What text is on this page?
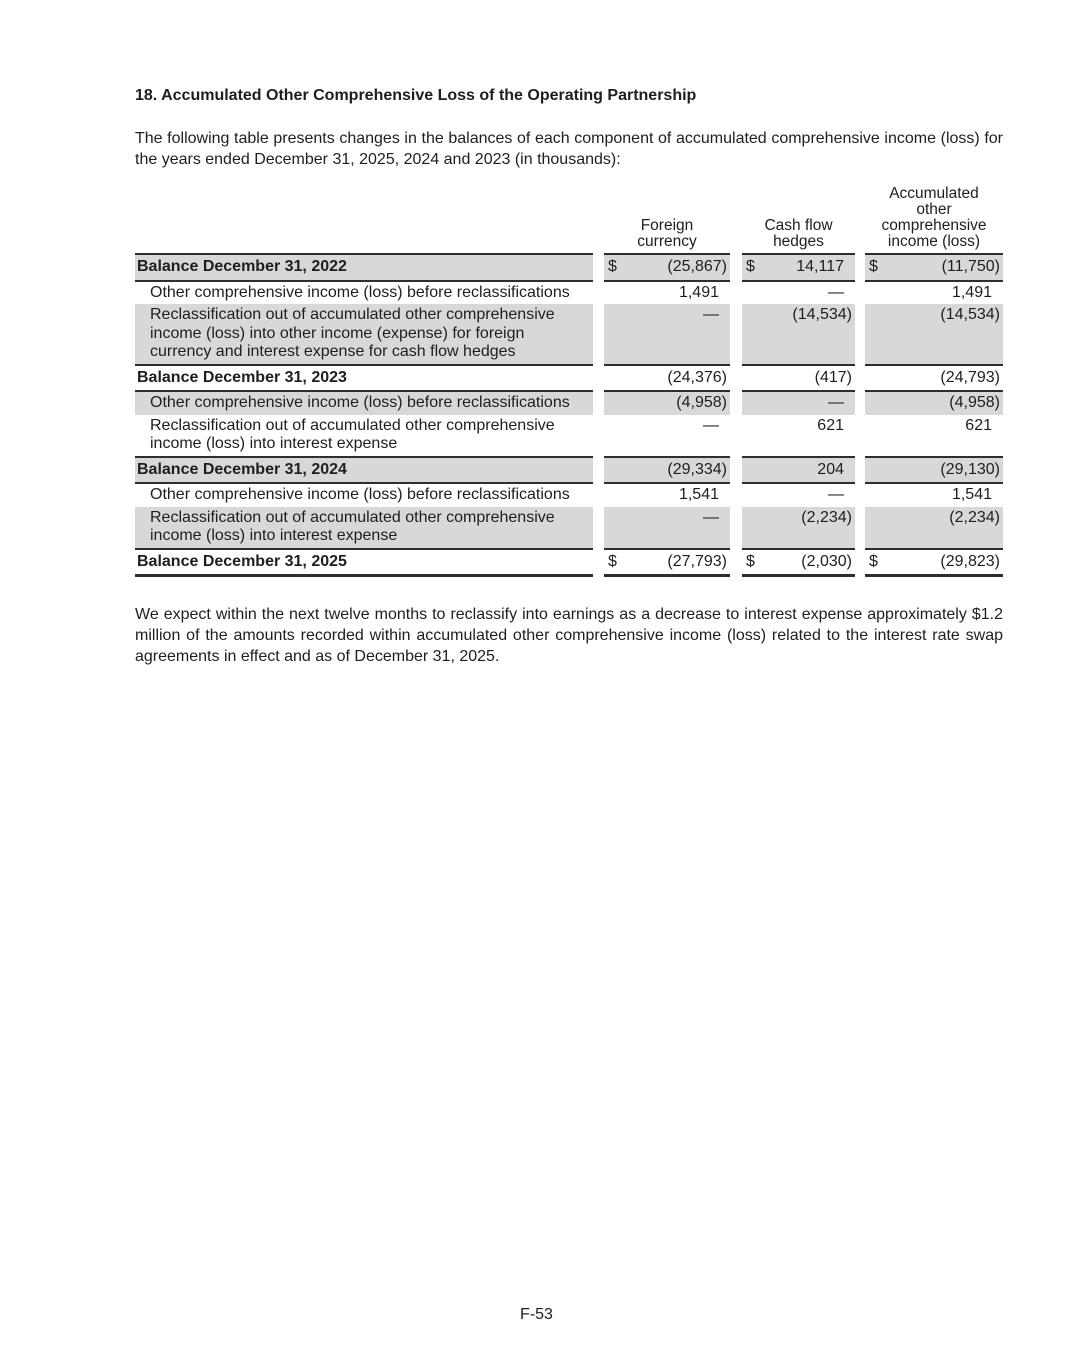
18. Accumulated Other Comprehensive Loss of the Operating Partnership

The following table presents changes in the balances of each component of accumulated comprehensive income (loss) for the years ended December 31, 2025, 2024 and 2023 (in thousands):

		Foreign currency		Cash flow hedges		Accumulated other comprehensive income (loss)

Balance December 31, 2022		$ (25,867)		$ 14,117		$ (11,750)

Other comprehensive income (loss) before reclassifications		1,491		—		1,491

Reclassification out of accumulated other comprehensive income (loss) into other income (expense) for foreign currency and interest expense for cash flow hedges		—		(14,534)		(14,534)

Balance December 31, 2023		(24,376)		(417)		(24,793)

Other comprehensive income (loss) before reclassifications		(4,958)		—		(4,958)

Reclassification out of accumulated other comprehensive income (loss) into interest expense		—		621		621

Balance December 31, 2024		(29,334)		204		(29,130)

Other comprehensive income (loss) before reclassifications		1,541		—		1,541

Reclassification out of accumulated other comprehensive income (loss) into interest expense		—		(2,234)		(2,234)

Balance December 31, 2025		$ (27,793)		$ (2,030)		$ (29,823)

We expect within the next twelve months to reclassify into earnings as a decrease to interest expense approximately $1.2 million of the amounts recorded within accumulated other comprehensive income (loss) related to the interest rate swap agreements in effect and as of December 31, 2025.

F-53
